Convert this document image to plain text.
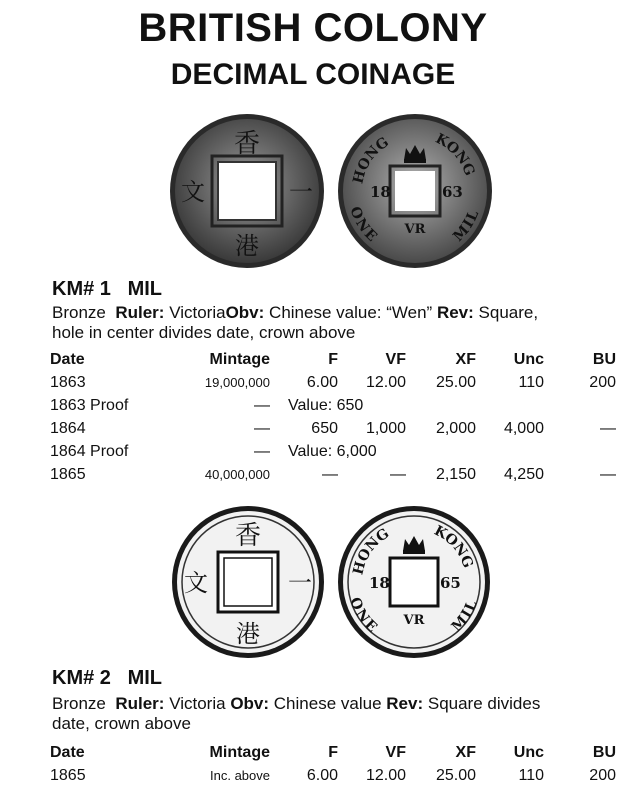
BRITISH COLONY
DECIMAL COINAGE
香
文	一
港
HONG	KONG
ONE	MIL
18	63
VR
KM# 1 MIL
Bronze Ruler: VictoriaObv: Chinese value: “Wen” Rev: Square,
hole in center divides date, crown above
Date	Mintage	F	VF	XF	Unc	BU
1863	19,000,000	6.00	12.00	25.00	110	200
1863 Proof	—	Value: 650				
1864	—	650	1,000	2,000	4,000	—
1864 Proof	—	Value: 6,000				
1865	40,000,000	—	—	2,150	4,250	—
香
文	一
港
HONG	KONG
ONE	MIL
18	65
VR
KM# 2 MIL
Bronze Ruler: Victoria Obv: Chinese value Rev: Square divides
date, crown above
Date	Mintage	F	VF	XF	Unc	BU
1865	Inc. above	6.00	12.00	25.00	110	200
